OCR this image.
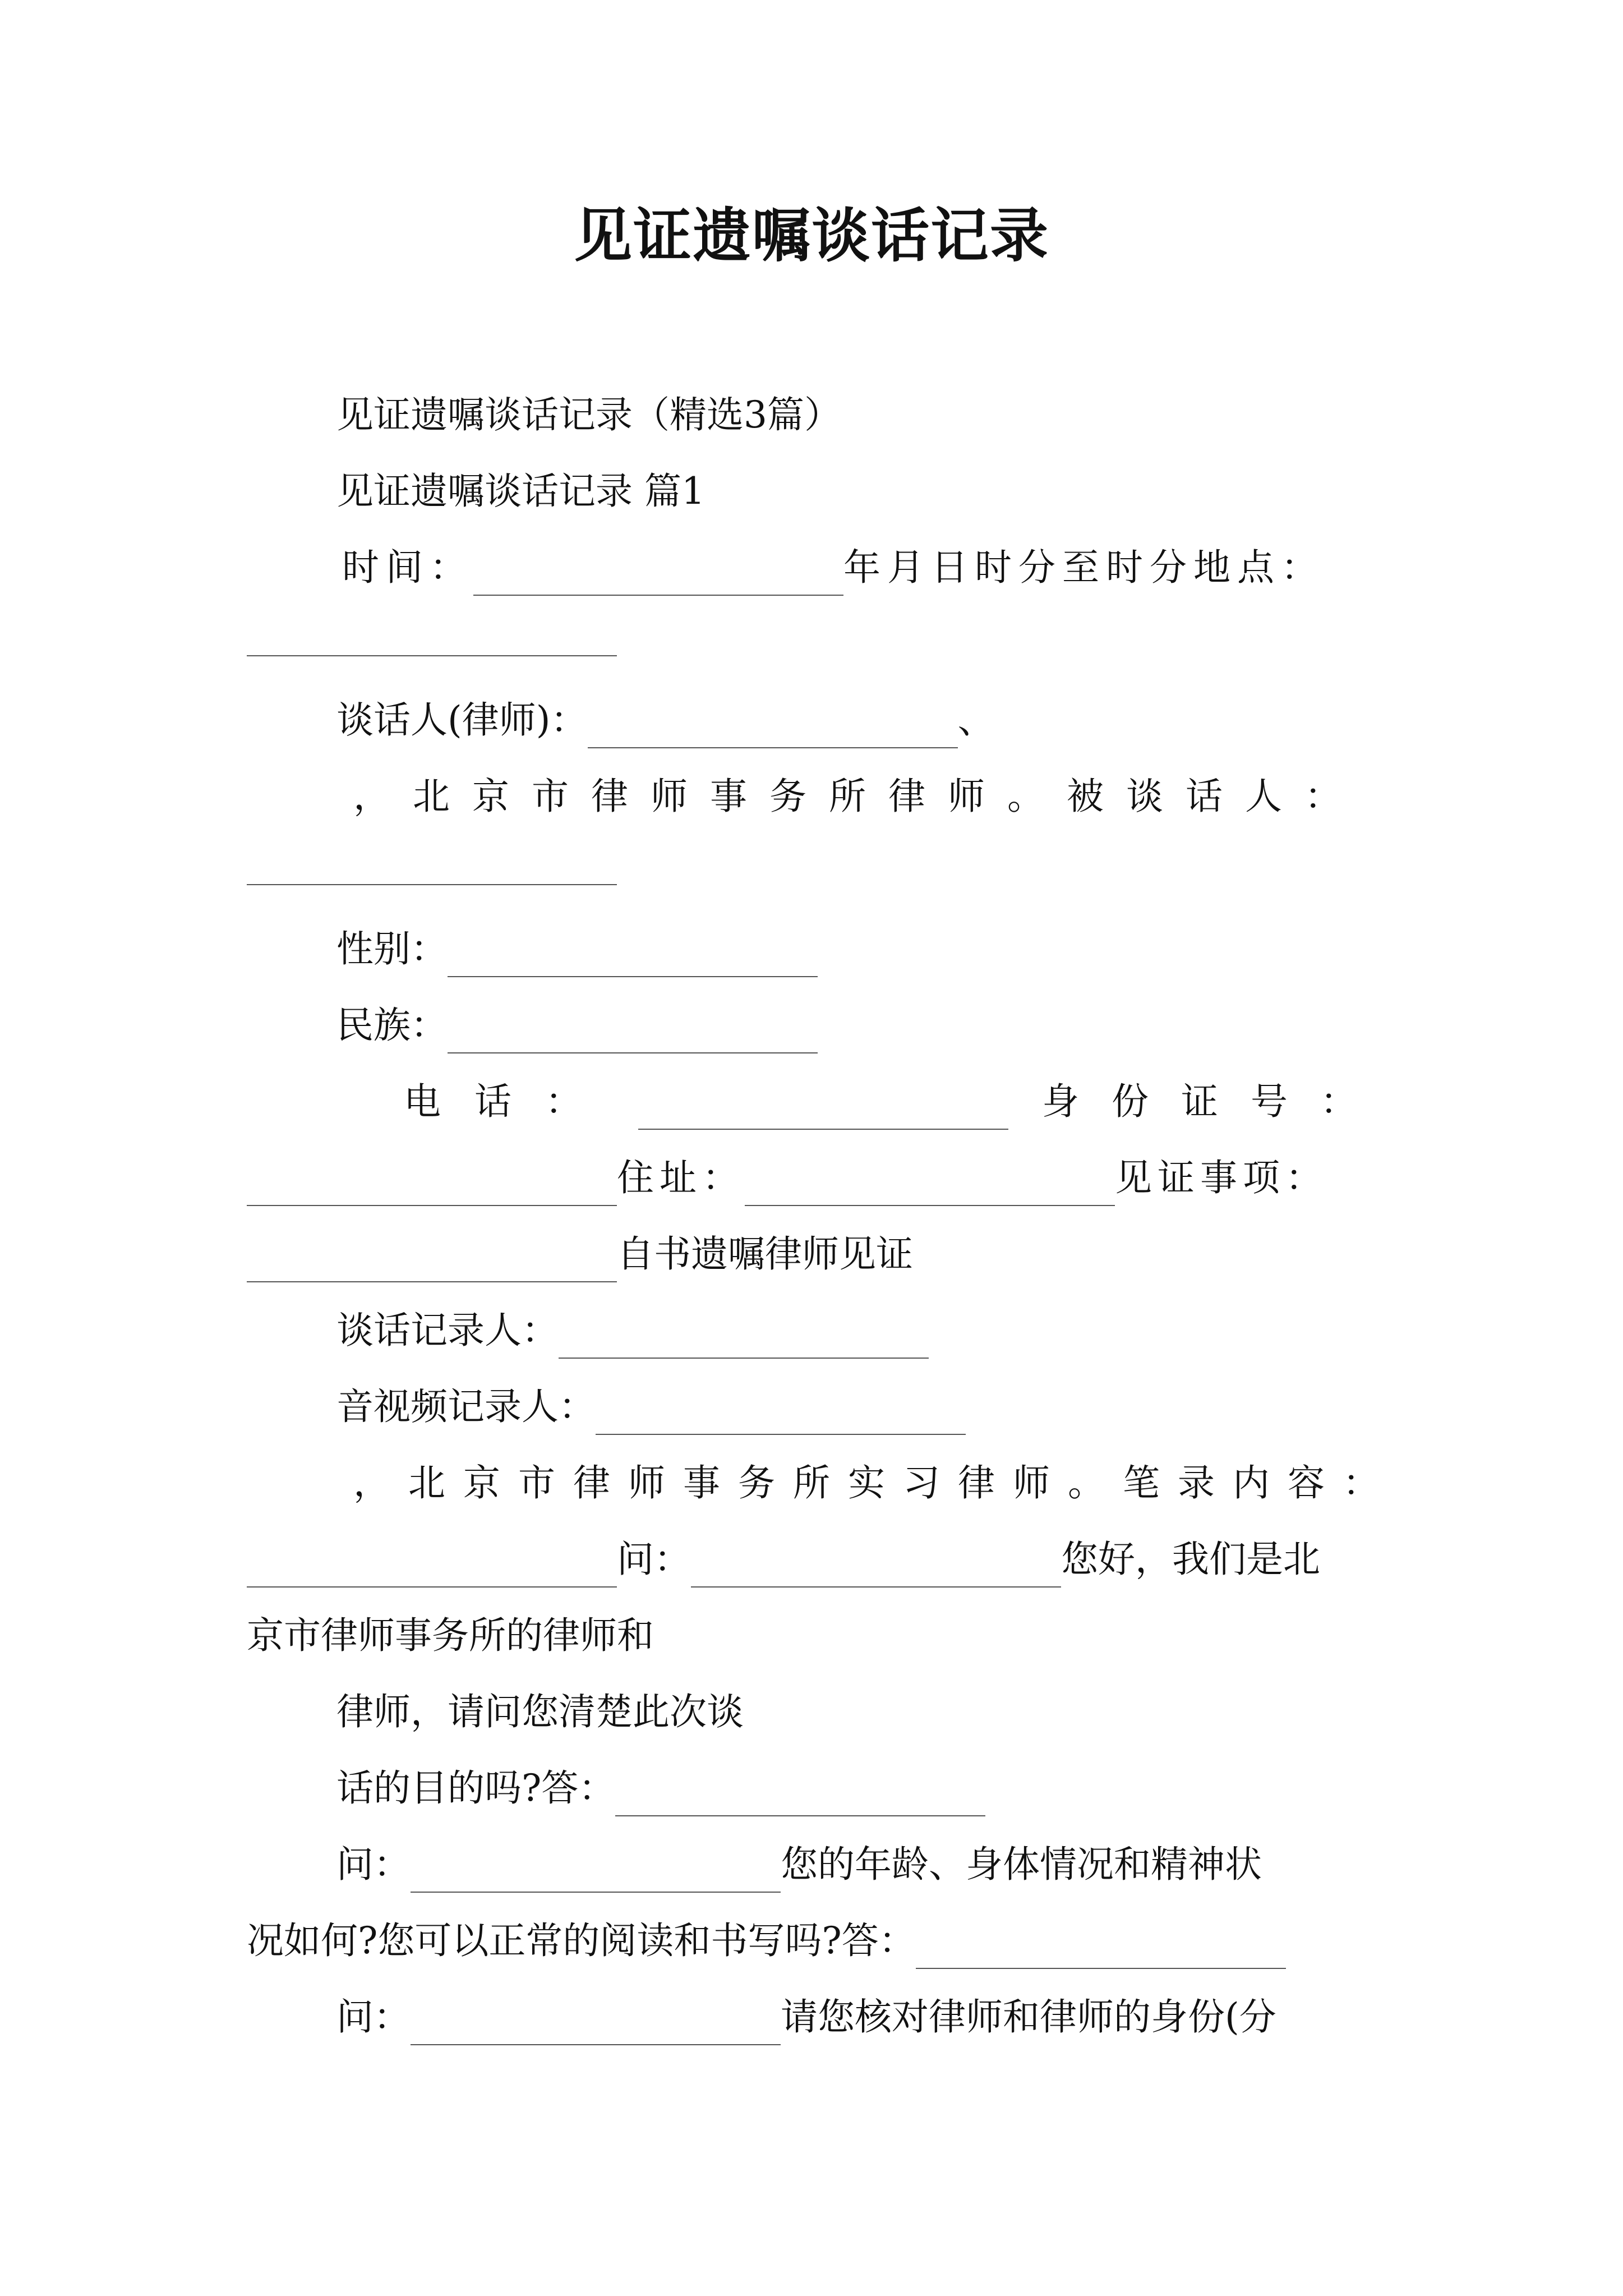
见证遗嘱谈话记录
见证遗嘱谈话记录（精选3篇）
见证遗嘱谈话记录 篇1
时间：	年月日时分至时分地点：
谈话人(律师)：	、
，北京市律师事务所律师。被谈话人：
性别：
民族：
电话：	身份证号：
住址：	见证事项：
自书遗嘱律师见证
谈话记录人：
音视频记录人：
，北京市律师事务所实习律师。笔录内容：
问：	您好，我们是北
京市律师事务所的律师和
律师，请问您清楚此次谈
话的目的吗?答：
问：	您的年龄、身体情况和精神状
况如何?您可以正常的阅读和书写吗?答：
问：	请您核对律师和律师的身份(分
